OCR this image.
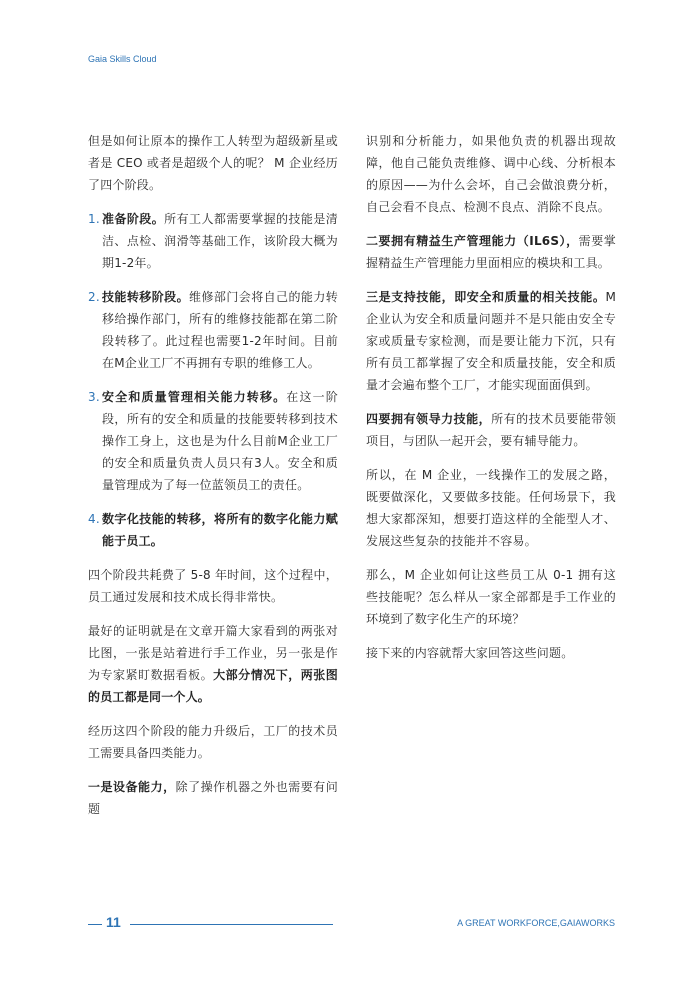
Gaia Skills Cloud

但是如何让原本的操作工人转型为超级新星或者是 CEO 或者是超级个人的呢？ M 企业经历了四个阶段。

1. 准备阶段。所有工人都需要掌握的技能是清洁、点检、润滑等基础工作，该阶段大概为期1-2年。
2. 技能转移阶段。维修部门会将自己的能力转移给操作部门，所有的维修技能都在第二阶段转移了。此过程也需要1-2年时间。目前在M企业工厂不再拥有专职的维修工人。
3. 安全和质量管理相关能力转移。在这一阶段，所有的安全和质量的技能要转移到技术操作工身上，这也是为什么目前M企业工厂的安全和质量负责人员只有3人。安全和质量管理成为了每一位蓝领员工的责任。
4. 数字化技能的转移，将所有的数字化能力赋能于员工。

四个阶段共耗费了 5-8 年时间，这个过程中，员工通过发展和技术成长得非常快。

最好的证明就是在文章开篇大家看到的两张对比图，一张是站着进行手工作业，另一张是作为专家紧盯数据看板。大部分情况下，两张图的员工都是同一个人。

经历这四个阶段的能力升级后，工厂的技术员工需要具备四类能力。

一是设备能力，除了操作机器之外也需要有问题

识别和分析能力，如果他负责的机器出现故障，他自己能负责维修、调中心线、分析根本的原因——为什么会坏，自己会做浪费分析，自己会看不良点、检测不良点、消除不良点。

二要拥有精益生产管理能力（IL6S），需要掌握精益生产管理能力里面相应的模块和工具。

三是支持技能，即安全和质量的相关技能。M 企业认为安全和质量问题并不是只能由安全专家或质量专家检测，而是要让能力下沉，只有所有员工都掌握了安全和质量技能，安全和质量才会遍布整个工厂，才能实现面面俱到。

四要拥有领导力技能，所有的技术员要能带领项目，与团队一起开会，要有辅导能力。

所以，在 M 企业，一线操作工的发展之路，既要做深化，又要做多技能。任何场景下，我想大家都深知，想要打造这样的全能型人才、发展这些复杂的技能并不容易。

那么，M 企业如何让这些员工从 0-1 拥有这些技能呢？怎么样从一家全部都是手工作业的环境到了数字化生产的环境？

接下来的内容就帮大家回答这些问题。

11	A GREAT WORKFORCE,GAIAWORKS
